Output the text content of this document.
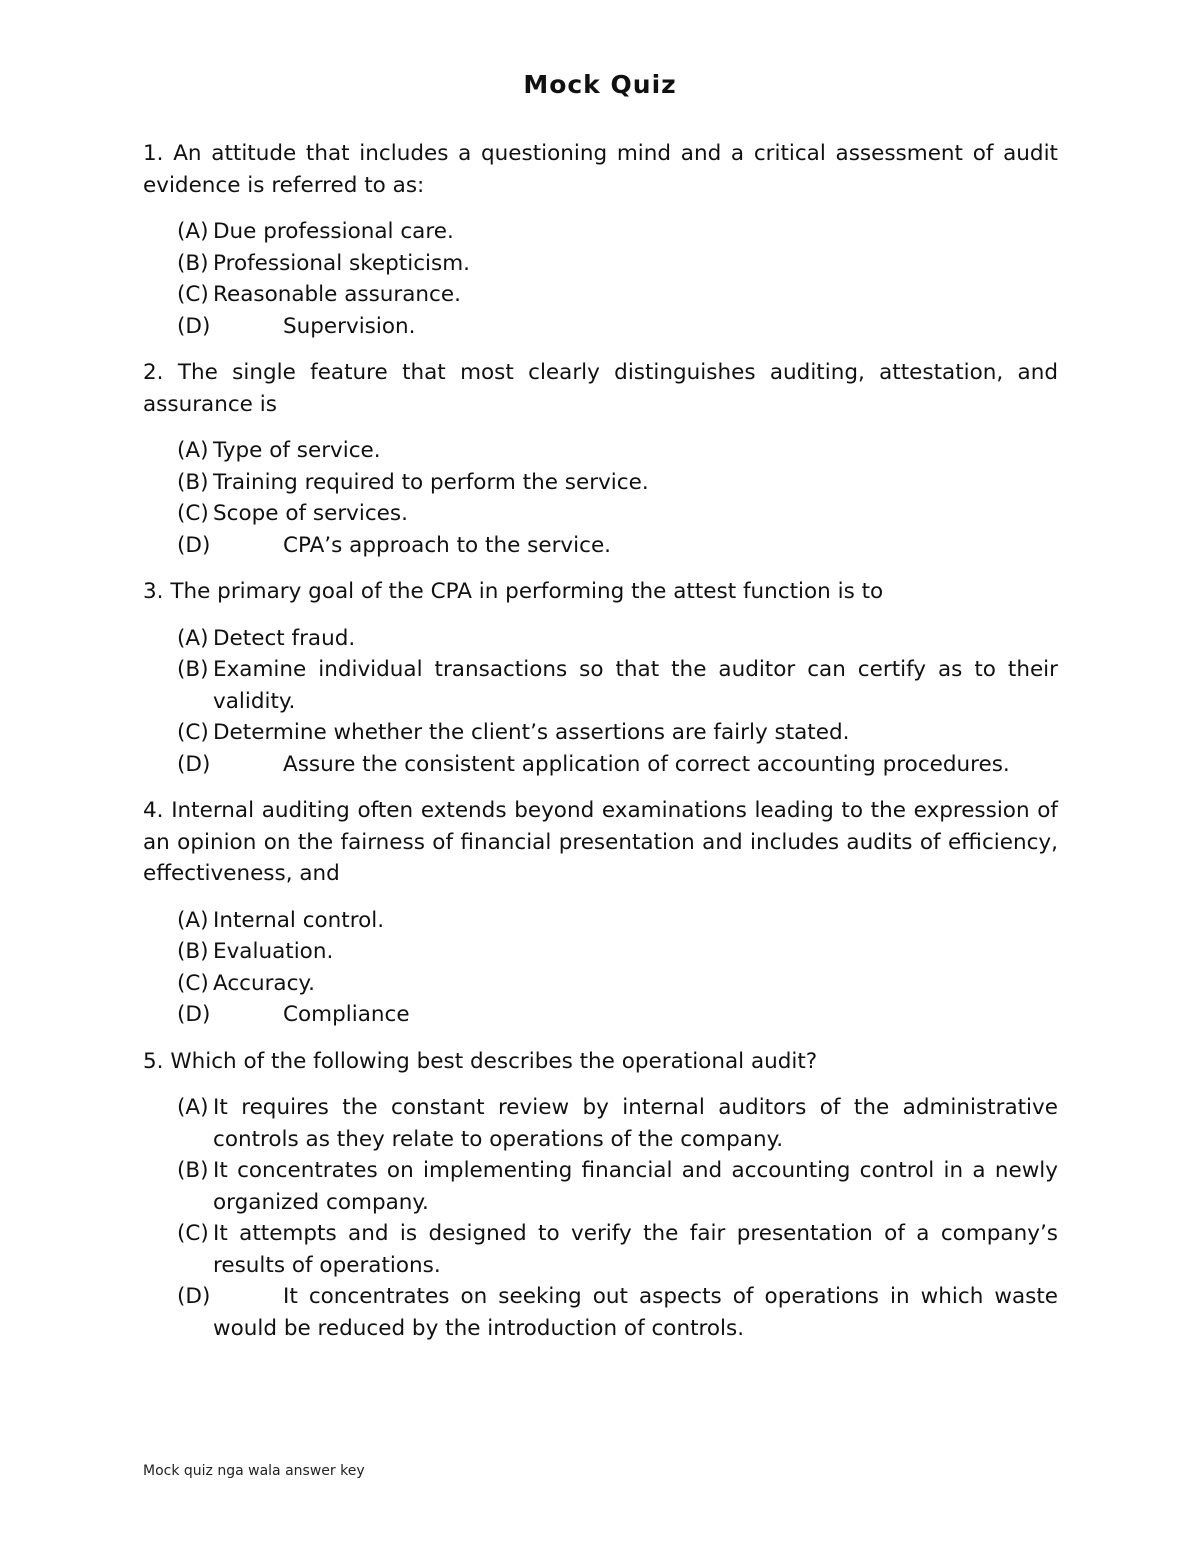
Mock Quiz

1. An attitude that includes a questioning mind and a critical assessment of audit evidence is referred to as:

(A) Due professional care.
(B) Professional skepticism.
(C) Reasonable assurance.
(D)	Supervision.

2. The single feature that most clearly distinguishes auditing, attestation, and assurance is

(A) Type of service.
(B) Training required to perform the service.
(C) Scope of services.
(D)	CPA’s approach to the service.

3. The primary goal of the CPA in performing the attest function is to

(A) Detect fraud.
(B) Examine individual transactions so that the auditor can certify as to their validity.
(C) Determine whether the client’s assertions are fairly stated.
(D)	Assure the consistent application of correct accounting procedures.

4. Internal auditing often extends beyond examinations leading to the expression of an opinion on the fairness of financial presentation and includes audits of efficiency, effectiveness, and

(A) Internal control.
(B) Evaluation.
(C) Accuracy.
(D)	Compliance

5. Which of the following best describes the operational audit?

(A) It requires the constant review by internal auditors of the administrative controls as they relate to operations of the company.
(B) It concentrates on implementing financial and accounting control in a newly organized company.
(C) It attempts and is designed to verify the fair presentation of a company’s results of operations.
(D)	It concentrates on seeking out aspects of operations in which waste would be reduced by the introduction of controls.
Mock quiz nga wala answer key
